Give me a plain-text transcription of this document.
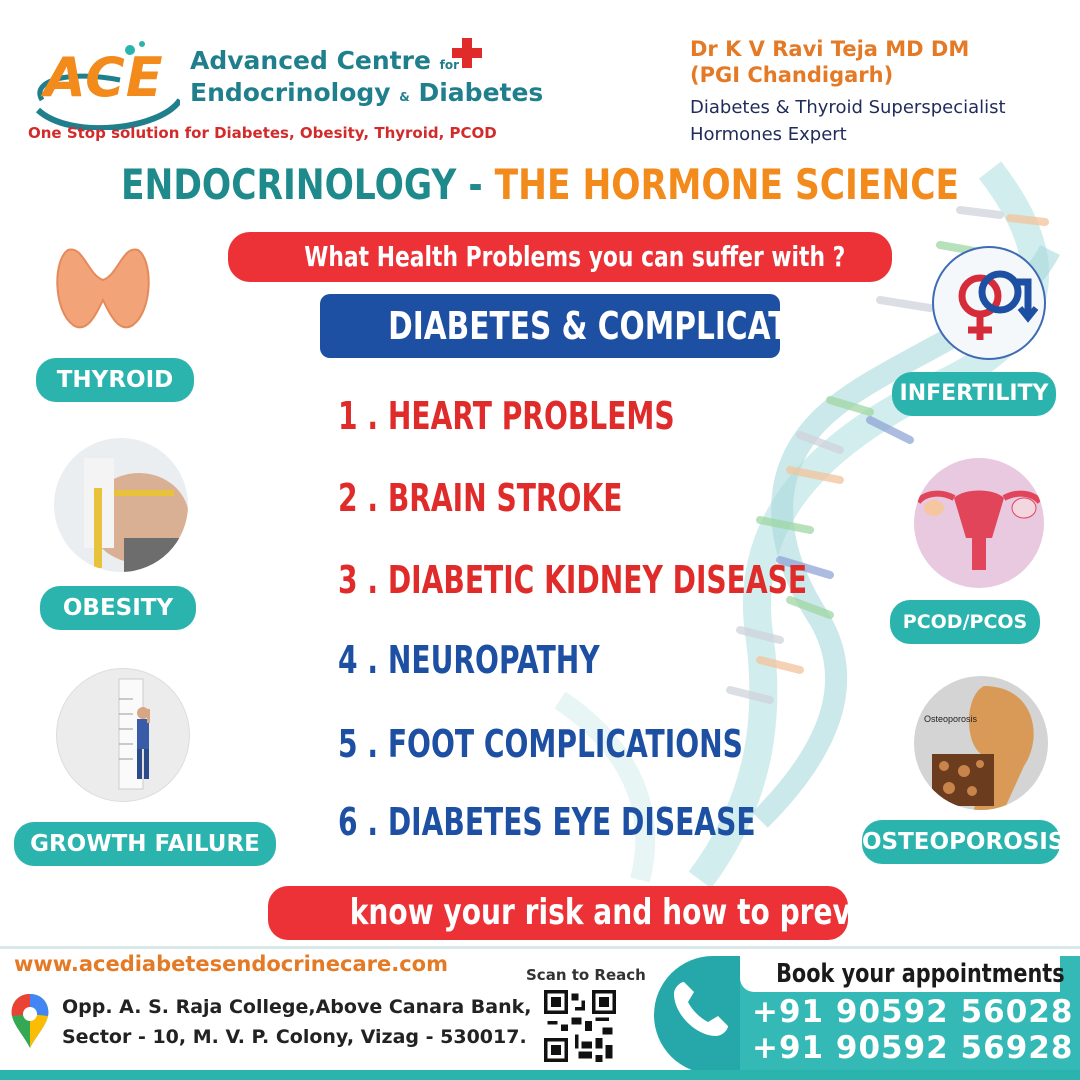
ACE Advanced Centre for
Endocrinology & Diabetes
One Stop solution for Diabetes, Obesity, Thyroid, PCOD
Dr K V Ravi Teja MD DM
(PGI Chandigarh)
Diabetes & Thyroid Superspecialist
Hormones Expert
ENDOCRINOLOGY - THE HORMONE SCIENCE
What Health Problems you can suffer with ?
DIABETES & COMPLICATIONS
1 . HEART PROBLEMS
2 . BRAIN STROKE
3 . DIABETIC KIDNEY DISEASE
4 . NEUROPATHY
5 . FOOT COMPLICATIONS
6 . DIABETES EYE DISEASE
THYROID
OBESITY
GROWTH FAILURE
INFERTILITY
PCOD/PCOS
Osteoporosis
OSTEOPOROSIS
know your risk and how to prevent ?
www.acediabetesendocrinecare.com
Opp. A. S. Raja College,Above Canara Bank,
Sector - 10, M. V. P. Colony, Vizag - 530017.
Scan to Reach	Book your appointments
+91 90592 56028
+91 90592 56928
